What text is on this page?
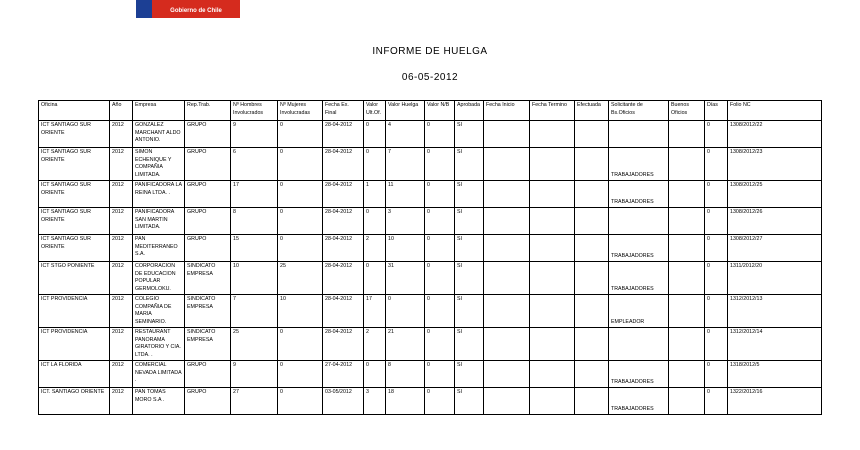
Gobierno de Chile
INFORME DE HUELGA
06-05-2012
Oficina	Año	Empresa	Rep.Trab.	Nº Hombres Involucrados	Nº Mujeres Involucradas	Fecha Ex. Final	Valor Ult.Of.	Valor Huelga	Valor N/B	Aprobada	Fecha Inicio	Fecha Termino	Efectuada	Solicitante de Bs.Oficios	Buenos Oficios	Días	Folio NC
ICT SANTIAGO SUR ORIENTE	2012	GONZALEZ MARCHANT ALDO ANTONIO.	GRUPO	9	0	28-04-2012	0	4	0	SI						0	1308/2012/22
ICT SANTIAGO SUR ORIENTE	2012	SIMON ECHENIQUE Y COMPAÑIA LIMITADA.	GRUPO	6	0	28-04-2012	0	7	0	SI				TRABAJADORES		0	1308/2012/23
ICT SANTIAGO SUR ORIENTE	2012	PANIFICADORA LA REINA LTDA. .	GRUPO	17	0	28-04-2012	1	11	0	SI				TRABAJADORES		0	1308/2012/25
ICT SANTIAGO SUR ORIENTE	2012	PANIFICADORA SAN MARTIN LIMITADA.	GRUPO	8	0	28-04-2012	0	3	0	SI						0	1308/2012/26
ICT SANTIAGO SUR ORIENTE	2012	PAN MEDITERRANEO S.A.	GRUPO	15	0	28-04-2012	2	10	0	SI				TRABAJADORES		0	1308/2012/27
ICT STGO PONIENTE	2012	CORPORACION DE EDUCACION POPULAR GERMOLOKU.	SINDICATO EMPRESA	10	25	28-04-2012	0	31	0	SI				TRABAJADORES		0	1311/2012/20
ICT PROVIDENCIA	2012	COLEGIO COMPAÑIA DE MARIA SEMINARIO.	SINDICATO EMPRESA	7	10	28-04-2012	17	0	0	SI				EMPLEADOR		0	1312/2012/13
ICT PROVIDENCIA	2012	RESTAURANT PANORAMA GIRATORIO Y CIA. LTDA. .	SINDICATO EMPRESA	25	0	28-04-2012	2	21	0	SI						0	1312/2012/14
ICT LA FLORIDA	2012	COMERCIAL NEVADA LIMITADA .	GRUPO	9	0	27-04-2012	0	8	0	SI				TRABAJADORES		0	1318/2012/5
ICT. SANTIAGO ORIENTE	2012	PAN TOMAS MORO S.A .	GRUPO	27	0	03-05/2012	3	18	0	SI				TRABAJADORES		0	1322/2012/16
